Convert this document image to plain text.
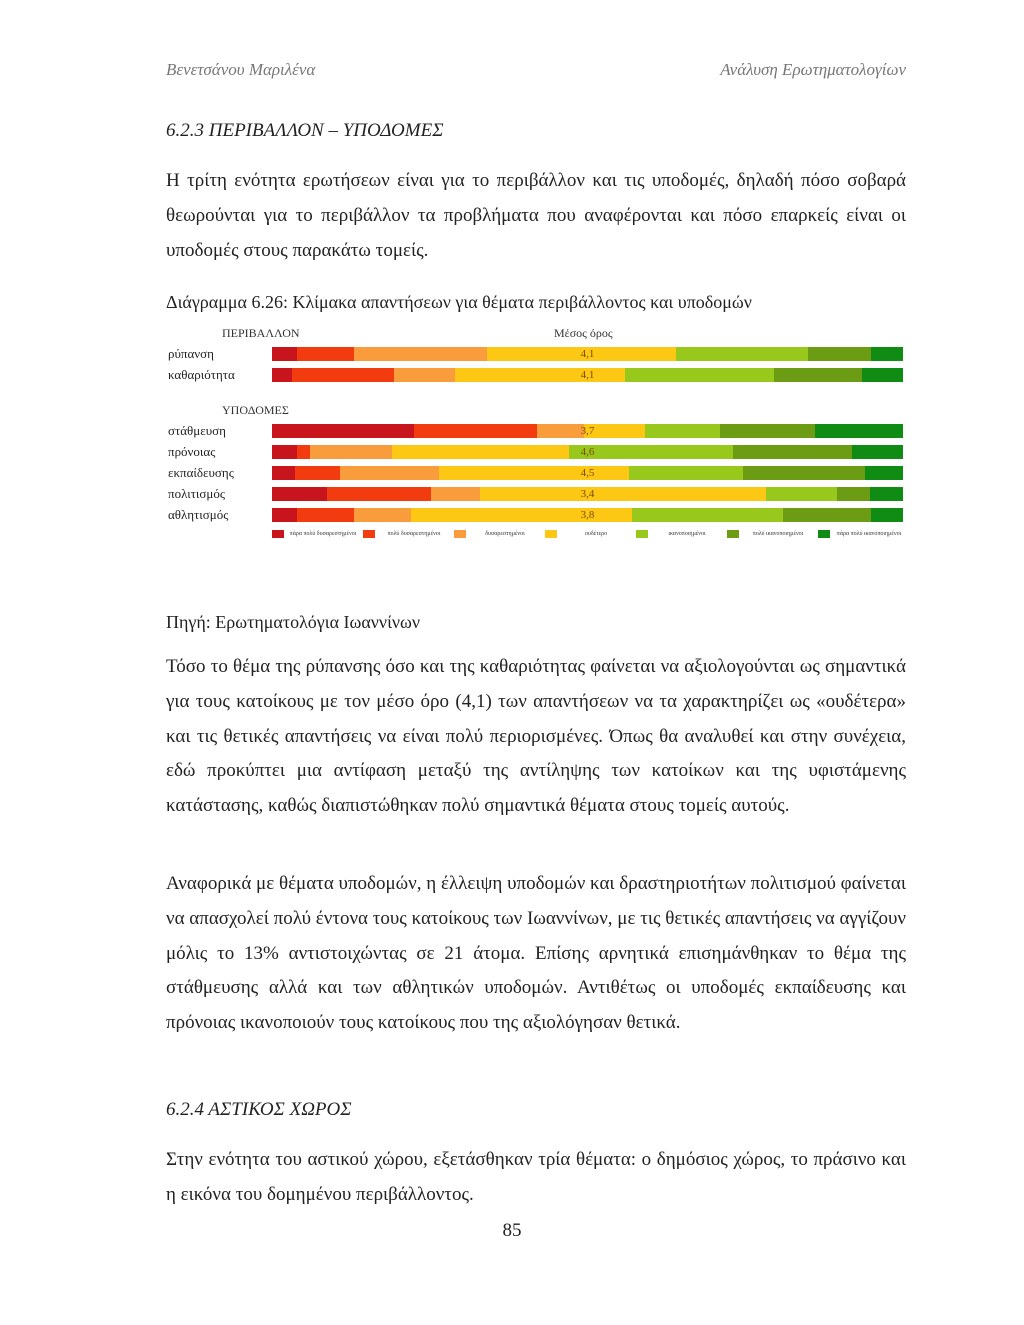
Βενετσάνου Μαριλένα	Ανάλυση Ερωτηματολογίων
6.2.3 ΠΕΡΙΒΑΛΛΟΝ – ΥΠΟΔΟΜΕΣ

Η τρίτη ενότητα ερωτήσεων είναι για το περιβάλλον και τις υποδομές, δηλαδή πόσο σοβαρά θεωρούνται για το περιβάλλον τα προβλήματα που αναφέρονται και πόσο επαρκείς είναι οι υποδομές στους παρακάτω τομείς.

Διάγραμμα 6.26: Κλίμακα απαντήσεων για θέματα περιβάλλοντος και υποδομών
ΠΕΡΙΒΑΛΛΟΝ	Μέσος όρος
ΥΠΟΔΟΜΕΣ
ρύπανση	4,1
καθαριότητα	4,1
στάθμευση	3,7
πρόνοιας	4,6
εκπαίδευσης	4,5
πολιτισμός	3,4
αθλητισμός	3,8
πάρα πολύ δυσαρεστημένοι	πολύ δυσαρεστημένοι	δυσαρεστημένοι	ουδέτερο	ικανοποιημένοι	πολύ ικανοποιημένοι	πάρα πολύ ικανοποιημένοι
Πηγή: Ερωτηματολόγια Ιωαννίνων

Τόσο το θέμα της ρύπανσης όσο και της καθαριότητας φαίνεται να αξιολογούνται ως σημαντικά για τους κατοίκους με τον μέσο όρο (4,1) των απαντήσεων να τα χαρακτηρίζει ως «ουδέτερα» και τις θετικές απαντήσεις να είναι πολύ περιορισμένες. Όπως θα αναλυθεί και στην συνέχεια, εδώ προκύπτει μια αντίφαση μεταξύ της αντίληψης των κατοίκων και της υφιστάμενης κατάστασης, καθώς διαπιστώθηκαν πολύ σημαντικά θέματα στους τομείς αυτούς.

Αναφορικά με θέματα υποδομών, η έλλειψη υποδομών και δραστηριοτήτων πολιτισμού φαίνεται να απασχολεί πολύ έντονα τους κατοίκους των Ιωαννίνων, με τις θετικές απαντήσεις να αγγίζουν μόλις το 13% αντιστοιχώντας σε 21 άτομα. Επίσης αρνητικά επισημάνθηκαν το θέμα της στάθμευσης αλλά και των αθλητικών υποδομών. Αντιθέτως οι υποδομές εκπαίδευσης και πρόνοιας ικανοποιούν τους κατοίκους που της αξιολόγησαν θετικά.

6.2.4 ΑΣΤΙΚΟΣ ΧΩΡΟΣ

Στην ενότητα του αστικού χώρου, εξετάσθηκαν τρία θέματα: ο δημόσιος χώρος, το πράσινο και η εικόνα του δομημένου περιβάλλοντος.

85
